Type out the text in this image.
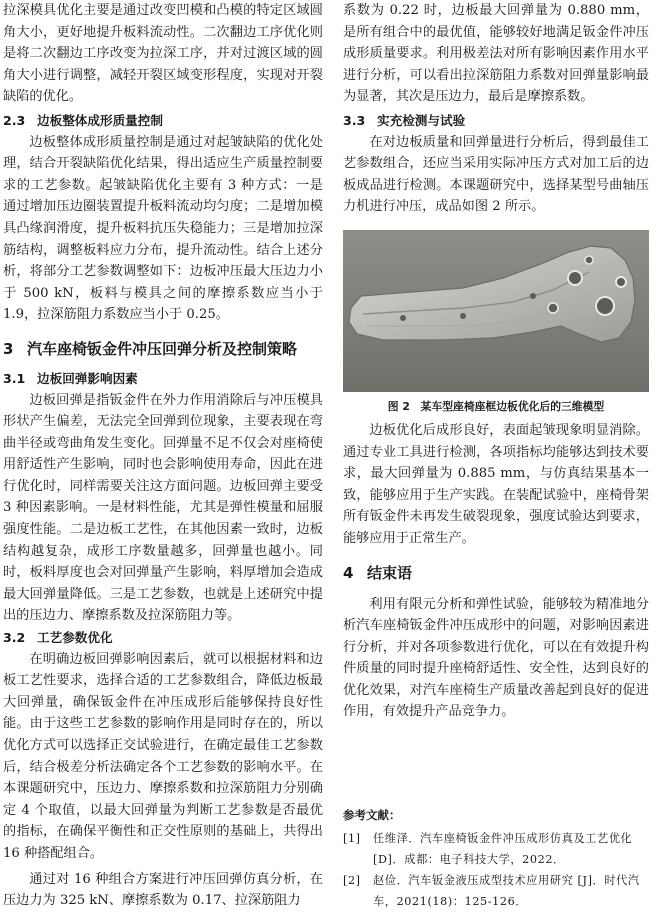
拉深模具优化主要是通过改变凹模和凸模的特定区域圆角大小，更好地提升板料流动性。二次翻边工序优化则是将二次翻边工序改变为拉深工序，并对过渡区域的圆角大小进行调整，减轻开裂区域变形程度，实现对开裂缺陷的优化。

2.3 边板整体成形质量控制

边板整体成形质量控制是通过对起皱缺陷的优化处理，结合开裂缺陷优化结果，得出适应生产质量控制要求的工艺参数。起皱缺陷优化主要有 3 种方式：一是通过增加压边圈装置提升板料流动均匀度；二是增加模具凸缘润滑度，提升板料抗压失稳能力；三是增加拉深筋结构，调整板料应力分布，提升流动性。结合上述分析，将部分工艺参数调整如下：边板冲压最大压边力小于 500 kN，板料与模具之间的摩擦系数应当小于 1.9，拉深筋阻力系数应当小于 0.25。

3 汽车座椅钣金件冲压回弹分析及控制策略
3.1 边板回弹影响因素

边板回弹是指钣金件在外力作用消除后与冲压模具形状产生偏差，无法完全回弹到位现象，主要表现在弯曲半径或弯曲角发生变化。回弹量不足不仅会对座椅使用舒适性产生影响，同时也会影响使用寿命，因此在进行优化时，同样需要关注这方面问题。边板回弹主要受 3 种因素影响。一是材料性能，尤其是弹性模量和屈服强度性能。二是边板工艺性，在其他因素一致时，边板结构越复杂，成形工序数量越多，回弹量也越小。同时，板料厚度也会对回弹量产生影响，料厚增加会造成最大回弹量降低。三是工艺参数，也就是上述研究中提出的压边力、摩擦系数及拉深筋阻力等。

3.2 工艺参数优化

在明确边板回弹影响因素后，就可以根据材料和边板工艺性要求，选择合适的工艺参数组合，降低边板最大回弹量，确保钣金件在冲压成形后能够保持良好性能。由于这些工艺参数的影响作用是同时存在的，所以优化方式可以选择正交试验进行，在确定最佳工艺参数后，结合极差分析法确定各个工艺参数的影响水平。在本课题研究中，压边力、摩擦系数和拉深筋阻力分别确定 4 个取值，以最大回弹量为判断工艺参数是否最优的指标，在确保平衡性和正交性原则的基础上，共得出 16 种搭配组合。

通过对 16 种组合方案进行冲压回弹仿真分析，在压边力为 325 kN、摩擦系数为 0.17、拉深筋阻力

系数为 0.22 时，边板最大回弹量为 0.880 mm，是所有组合中的最优值，能够较好地满足钣金件冲压成形质量要求。利用极差法对所有影响因素作用水平进行分析，可以看出拉深筋阻力系数对回弹量影响最为显著，其次是压边力，最后是摩擦系数。

3.3 实充检测与试验

在对边板质量和回弹量进行分析后，得到最佳工艺参数组合，还应当采用实际冲压方式对加工后的边板成品进行检测。本课题研究中，选择某型号曲轴压力机进行冲压，成品如图 2 所示。

图 2　某车型座椅座框边板优化后的三维模型

边板优化后成形良好，表面起皱现象明显消除。通过专业工具进行检测，各项指标均能够达到技术要求，最大回弹量为 0.885 mm，与仿真结果基本一致，能够应用于生产实践。在装配试验中，座椅骨架所有钣金件未再发生破裂现象，强度试验达到要求，能够应用于正常生产。

4 结束语

利用有限元分析和弹性试验，能够较为精准地分析汽车座椅钣金件冲压成形中的问题，对影响因素进行分析，并对各项参数进行优化，可以在有效提升构件质量的同时提升座椅舒适性、安全性，达到良好的优化效果，对汽车座椅生产质量改善起到良好的促进作用，有效提升产品竞争力。

参考文献：
[1]	任维泽．汽车座椅钣金件冲压成形仿真及工艺优化 [D]．成都：电子科技大学，2022．
[2]	赵俭．汽车钣金液压成型技术应用研究 [J]．时代汽车，2021(18)：125-126．
